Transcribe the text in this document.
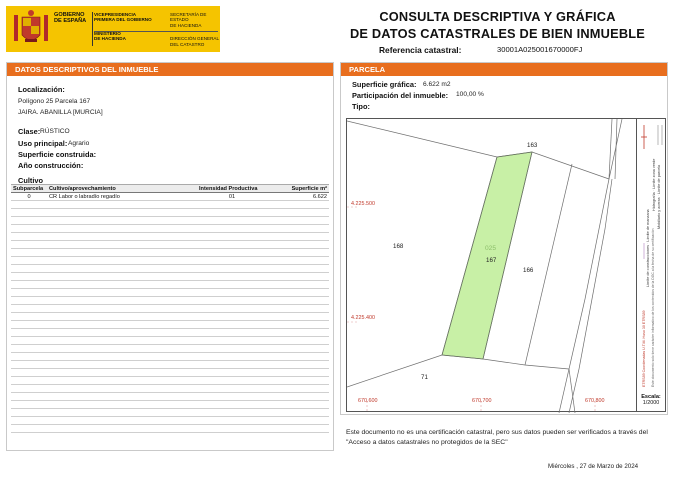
GOBIERNO
DE ESPAÑA
VICEPRESIDENCIA
PRIMERA DEL GOBIERNO
MINISTERIO
DE HACIENDA
SECRETARÍA DE ESTADO
DE HACIENDA
DIRECCIÓN GENERAL
DEL CATASTRO
CONSULTA DESCRIPTIVA Y GRÁFICA
DE DATOS CATASTRALES DE BIEN INMUEBLE
Referencia catastral:	30001A025001670000FJ
DATOS DESCRIPTIVOS DEL INMUEBLE
Localización:
Polígono 25 Parcela 167
JAIRA. ABANILLA [MURCIA]
Clase: RÚSTICO
Uso principal: Agrario
Superficie construida:
Año construcción:
Cultivo
Subparcela	Cultivo/aprovechamiento	Intensidad Productiva	Superficie m²
0	CR Labor o labradío regadío	01	6.622

PARCELA
Superficie gráfica: 6.622 m2
Participación del inmueble: 100,00 %
Tipo:
163
168	025
167
166
71
4.225.500
4.225.400
670.600	670.700	670.800
Hidrografía · Límite zona verde
Mobiliario y aceras · Límite de parcela
Límite de construcciones · Límite de manzana
Este documento solo tiene carácter informativo de los contenidos de la DGC a la fecha de su certificación
ETRS89 Coordenadas U.T.M. Huso 30 ETRS89
Escala:
1/2000
Este documento no es una certificación catastral, pero sus datos pueden ser verificados a través del "Acceso a datos catastrales no protegidos de la SEC"
Miércoles , 27 de Marzo de 2024
